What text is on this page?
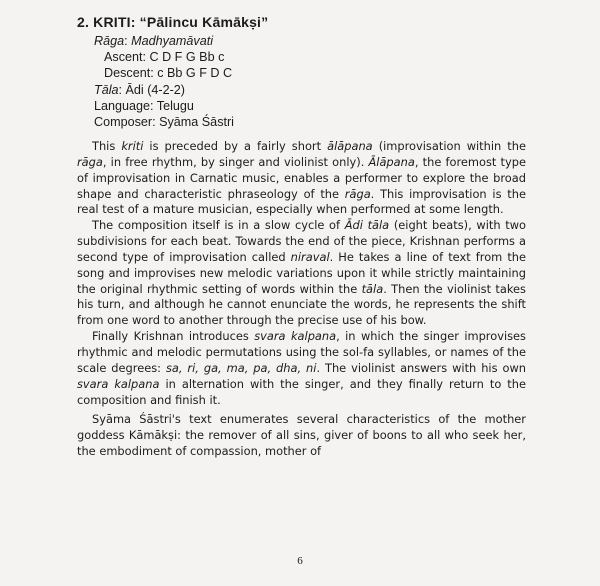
2. KRITI: “Pālincu Kāmākṣi”
Rāga: Madhyamāvati
Ascent: C D F G Bb c
Descent: c Bb G F D C
Tāla: Ādi (4-2-2)
Language: Telugu
Composer: Syāma Śāstri

This kriti is preceded by a fairly short ālāpana (improvisation within the rāga, in free rhythm, by singer and violinist only). Ālāpana, the foremost type of improvisation in Carnatic music, enables a performer to explore the broad shape and characteristic phraseology of the rāga. This improvisation is the real test of a mature musician, especially when performed at some length.

The composition itself is in a slow cycle of Ādi tāla (eight beats), with two subdivisions for each beat. Towards the end of the piece, Krishnan performs a second type of improvisation called niraval. He takes a line of text from the song and improvises new melodic variations upon it while strictly maintaining the original rhythmic setting of words within the tāla. Then the violinist takes his turn, and although he cannot enunciate the words, he represents the shift from one word to another through the precise use of his bow.

Finally Krishnan introduces svara kalpana, in which the singer improvises rhythmic and melodic permutations using the sol-fa syllables, or names of the scale degrees: sa, ri, ga, ma, pa, dha, ni. The violinist answers with his own svara kalpana in alternation with the singer, and they finally return to the composition and finish it.

Syāma Śāstri's text enumerates several characteristics of the mother goddess Kāmākṣi: the remover of all sins, giver of boons to all who seek her, the embodiment of compassion, mother of

6
